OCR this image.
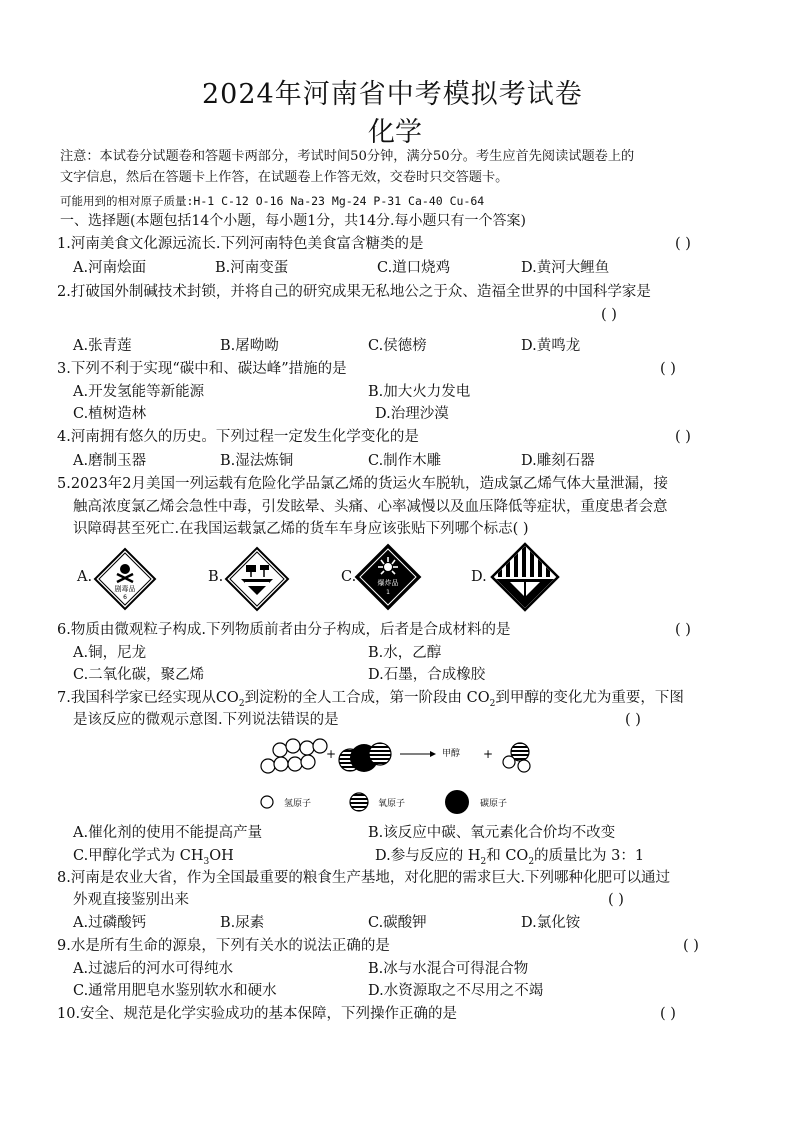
2024年河南省中考模拟考试卷
化学
注意：本试卷分试题卷和答题卡两部分，考试时间50分钟，满分50分。考生应首先阅读试题卷上的
文字信息，然后在答题卡上作答，在试题卷上作答无效，交卷时只交答题卡。
可能用到的相对原子质量:H-1 C-12 O-16 Na-23 Mg-24 P-31 Ca-40 Cu-64
一、选择题(本题包括14个小题，每小题1分，共14分.每小题只有一个答案)
1.河南美食文化源远流长.下列河南特色美食富含糖类的是	( )
A.河南烩面	B.河南变蛋	C.道口烧鸡	D.黄河大鲤鱼
2.打破国外制碱技术封锁，并将自己的研究成果无私地公之于众、造福全世界的中国科学家是
( )
A.张青莲	B.屠呦呦	C.侯德榜	D.黄鸣龙
3.下列不利于实现“碳中和、碳达峰”措施的是	( )
A.开发氢能等新能源	B.加大火力发电
C.植树造林	D.治理沙漠
4.河南拥有悠久的历史。下列过程一定发生化学变化的是	( )
A.磨制玉器	B.湿法炼铜	C.制作木雕	D.雕刻石器
5.2023年2月美国一列运载有危险化学品氯乙烯的货运火车脱轨，造成氯乙烯气体大量泄漏，接
触高浓度氯乙烯会急性中毒，引发眩晕、头痛、心率减慢以及血压降低等症状，重度患者会意
识障碍甚至死亡.在我国运载氯乙烯的货车车身应该张贴下列哪个标志( )
A.	B.	C.	D.
剧毒品
6
爆炸品
1
6.物质由微观粒子构成.下列物质前者由分子构成，后者是合成材料的是	( )
A.铜，尼龙	B.水，乙醇
C.二氧化碳，聚乙烯	D.石墨，合成橡胶
7.我国科学家已经实现从$CO_2$到淀粉的全人工合成，第一阶段由 $CO_2$到甲醇的变化尤为重要，下图
是该反应的微观示意图.下列说法错误的是	( )
+	甲醇 +
氢原子	氧原子	碳原子
A.催化剂的使用不能提高产量	B.该反应中碳、氧元素化合价均不改变
C.甲醇化学式为 $CH_3OH$	D.参与反应的 $H_2$和 $CO_2$的质量比为 3：1
8.河南是农业大省，作为全国最重要的粮食生产基地，对化肥的需求巨大.下列哪种化肥可以通过
外观直接鉴别出来	( )
A.过磷酸钙	B.尿素	C.碳酸钾	D.氯化铵
9.水是所有生命的源泉，下列有关水的说法正确的是	( )
A.过滤后的河水可得纯水	B.冰与水混合可得混合物
C.通常用肥皂水鉴别软水和硬水	D.水资源取之不尽用之不竭
10.安全、规范是化学实验成功的基本保障，下列操作正确的是	( )
